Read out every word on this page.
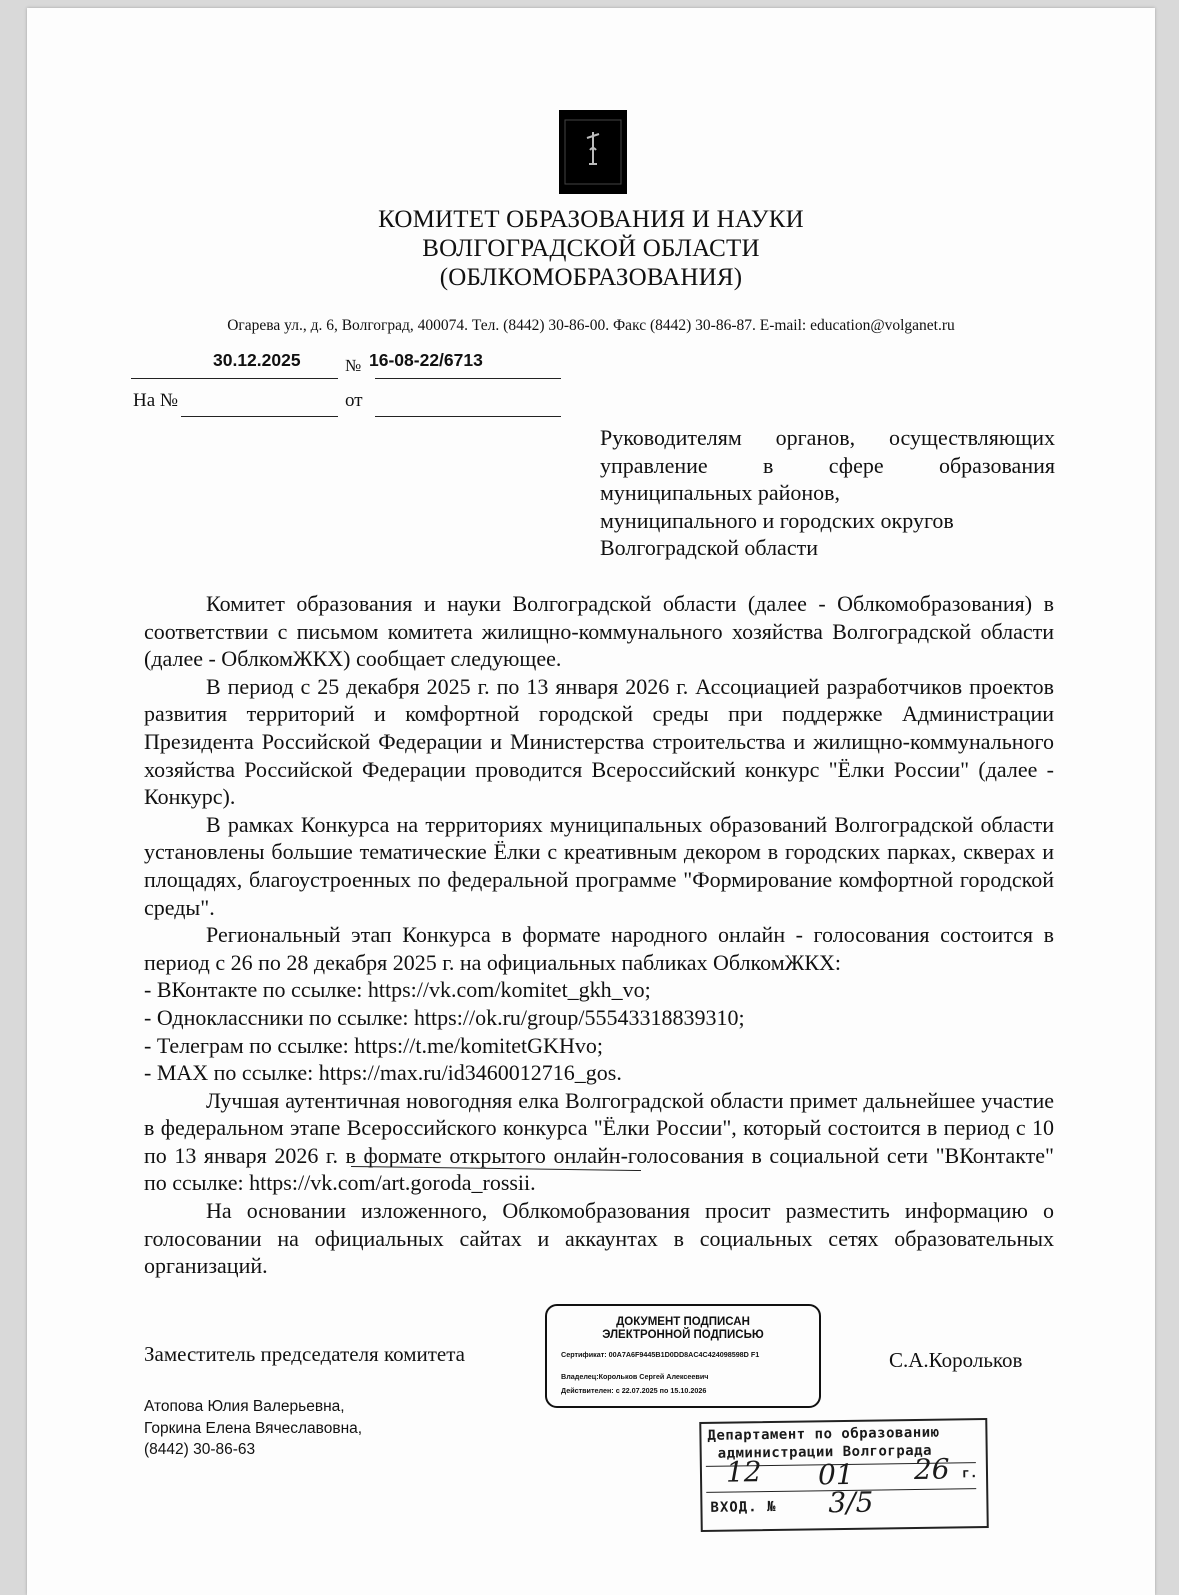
КОМИТЕТ ОБРАЗОВАНИЯ И НАУКИ
ВОЛГОГРАДСКОЙ ОБЛАСТИ
(ОБЛКОМОБРАЗОВАНИЯ)
Огарева ул., д. 6, Волгоград, 400074. Тел. (8442) 30-86-00. Факс (8442) 30-86-87. E-mail: education@volganet.ru
30.12.2025	№ 16-08-22/6713
На №	от
Руководителям органов, осуществляющих
управление в сфере образования
муниципальных районов,
муниципального и городских округов
Волгоградской области

Комитет образования и науки Волгоградской области (далее - Облкомобразования) в соответствии с письмом комитета жилищно-коммунального хозяйства Волгоградской области (далее - ОблкомЖКХ) сообщает следующее.

В период с 25 декабря 2025 г. по 13 января 2026 г. Ассоциацией разработчиков проектов развития территорий и комфортной городской среды при поддержке Администрации Президента Российской Федерации и Министерства строительства и жилищно-коммунального хозяйства Российской Федерации проводится Всероссийский конкурс "Ёлки России" (далее - Конкурс).

В рамках Конкурса на территориях муниципальных образований Волгоградской области установлены большие тематические Ёлки с креативным декором в городских парках, скверах и площадях, благоустроенных по федеральной программе "Формирование комфортной городской среды".

Региональный этап Конкурса в формате народного онлайн - голосования состоится в период с 26 по 28 декабря 2025 г. на официальных пабликах ОблкомЖКХ:

- ВКонтакте по ссылке: https://vk.com/komitet_gkh_vo;

- Одноклассники по ссылке: https://ok.ru/group/55543318839310;

- Телеграм по ссылке: https://t.me/komitetGKHvo;

- MAX по ссылке: https://max.ru/id3460012716_gos.

Лучшая аутентичная новогодняя елка Волгоградской области примет дальнейшее участие в федеральном этапе Всероссийского конкурса "Ёлки России", который состоится в период с 10 по 13 января 2026 г. в формате открытого онлайн-голосования в социальной сети "ВКонтакте" по ссылке: https://vk.com/art.goroda_rossii.

На основании изложенного, Облкомобразования просит разместить информацию о голосовании на официальных сайтах и аккаунтах в социальных сетях образовательных организаций.

Заместитель председателя комитета	С.А.Корольков
ДОКУМЕНТ ПОДПИСАН
ЭЛЕКТРОННОЙ ПОДПИСЬЮ
Сертификат: 00A7A6F9445B1D0DD8AC4C424098598D F1
Владелец:Корольков Сергей Алексеевич
Действителен: с 22.07.2025 по 15.10.2026
Атопова Юлия Валерьевна,
Горкина Елена Вячеславовна,
(8442) 30-86-63
Департамент по образованию
администрации Волгограда
12 01 26 г.
ВХОД. № 3/5
